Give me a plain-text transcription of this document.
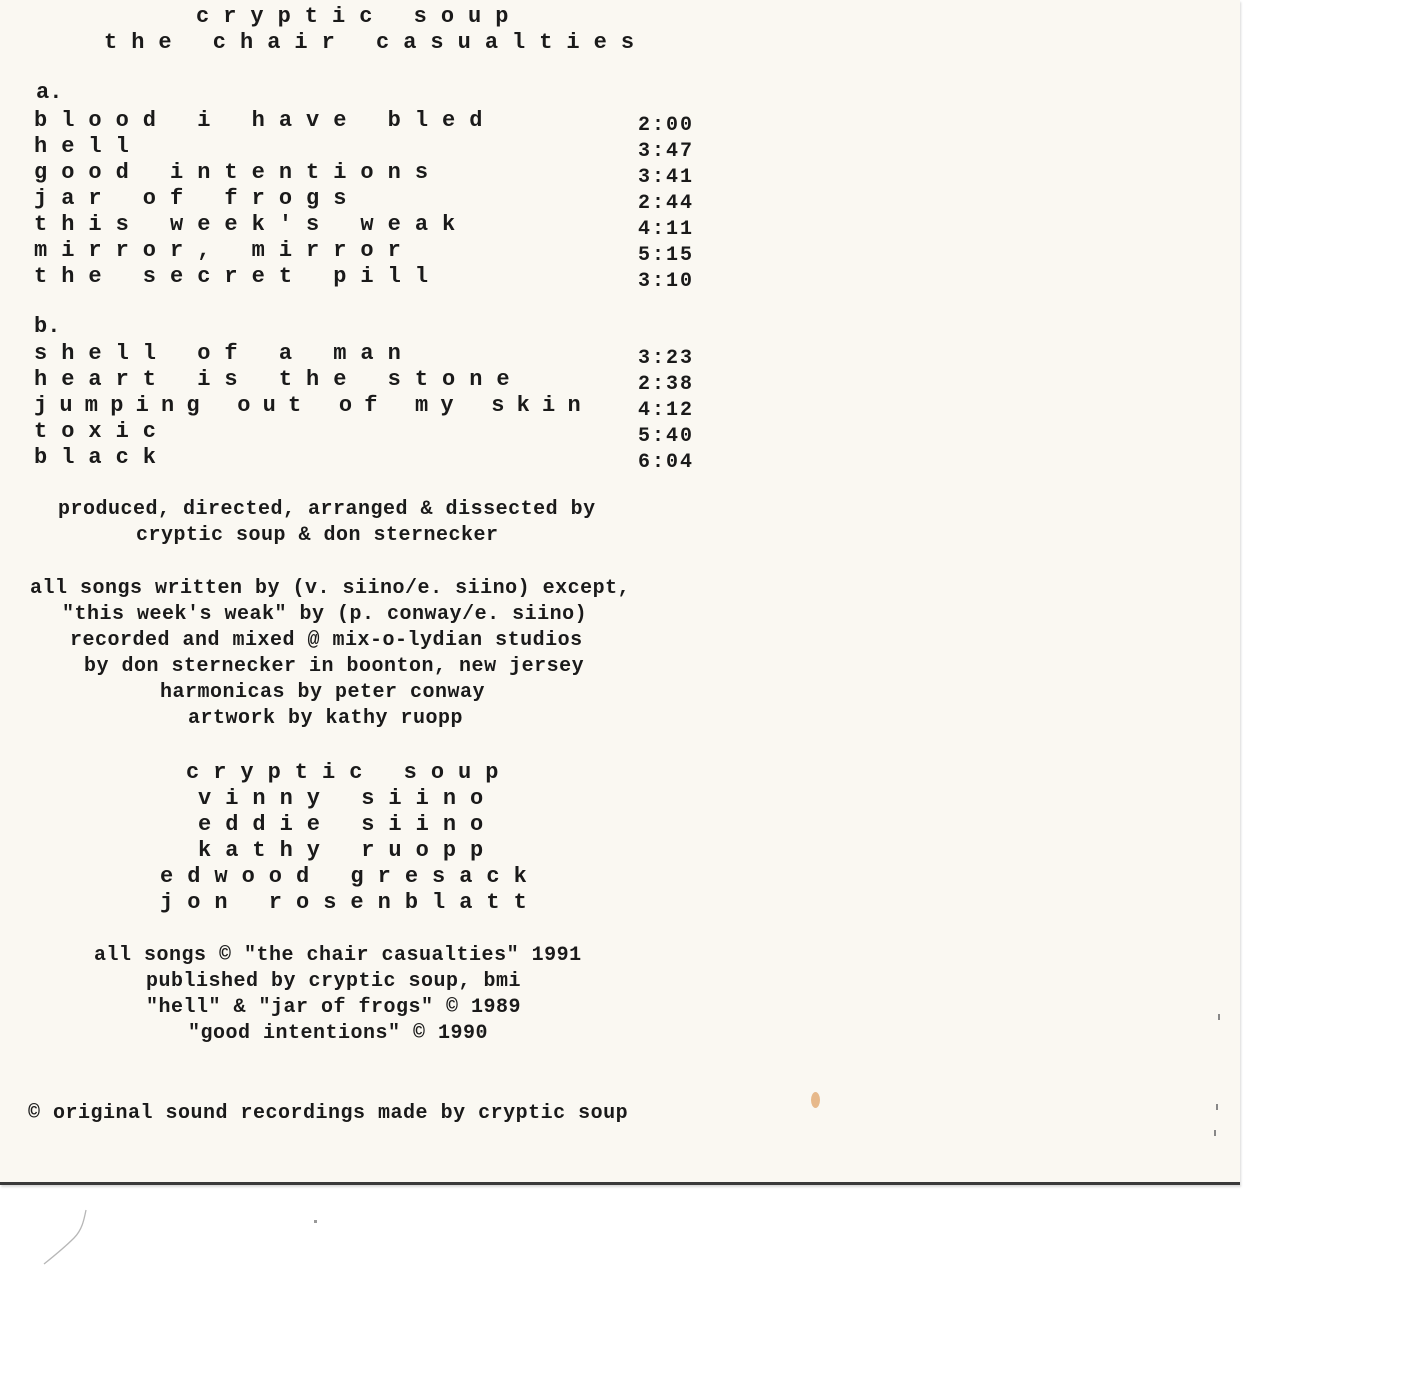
cryptic soup
the chair casualties
a.
blood i have bled	2:00
hell	3:47
good intentions	3:41
jar of frogs	2:44
this week's weak	4:11
mirror, mirror	5:15
the secret pill	3:10
b.
shell of a man	3:23
heart is the stone	2:38
jumping out of my skin 4:12
toxic	5:40
black	6:04
produced, directed, arranged & dissected by
cryptic soup & don sternecker
all songs written by (v. siino/e. siino) except,
"this week's weak" by (p. conway/e. siino)
recorded and mixed @ mix-o-lydian studios
by don sternecker in boonton, new jersey
harmonicas by peter conway
artwork by kathy ruopp
cryptic soup
vinny siino
eddie siino
kathy ruopp
edwood gresack
jon rosenblatt
all songs © "the chair casualties" 1991
published by cryptic soup, bmi
"hell" & "jar of frogs" © 1989
"good intentions" © 1990
© original sound recordings made by cryptic soup
